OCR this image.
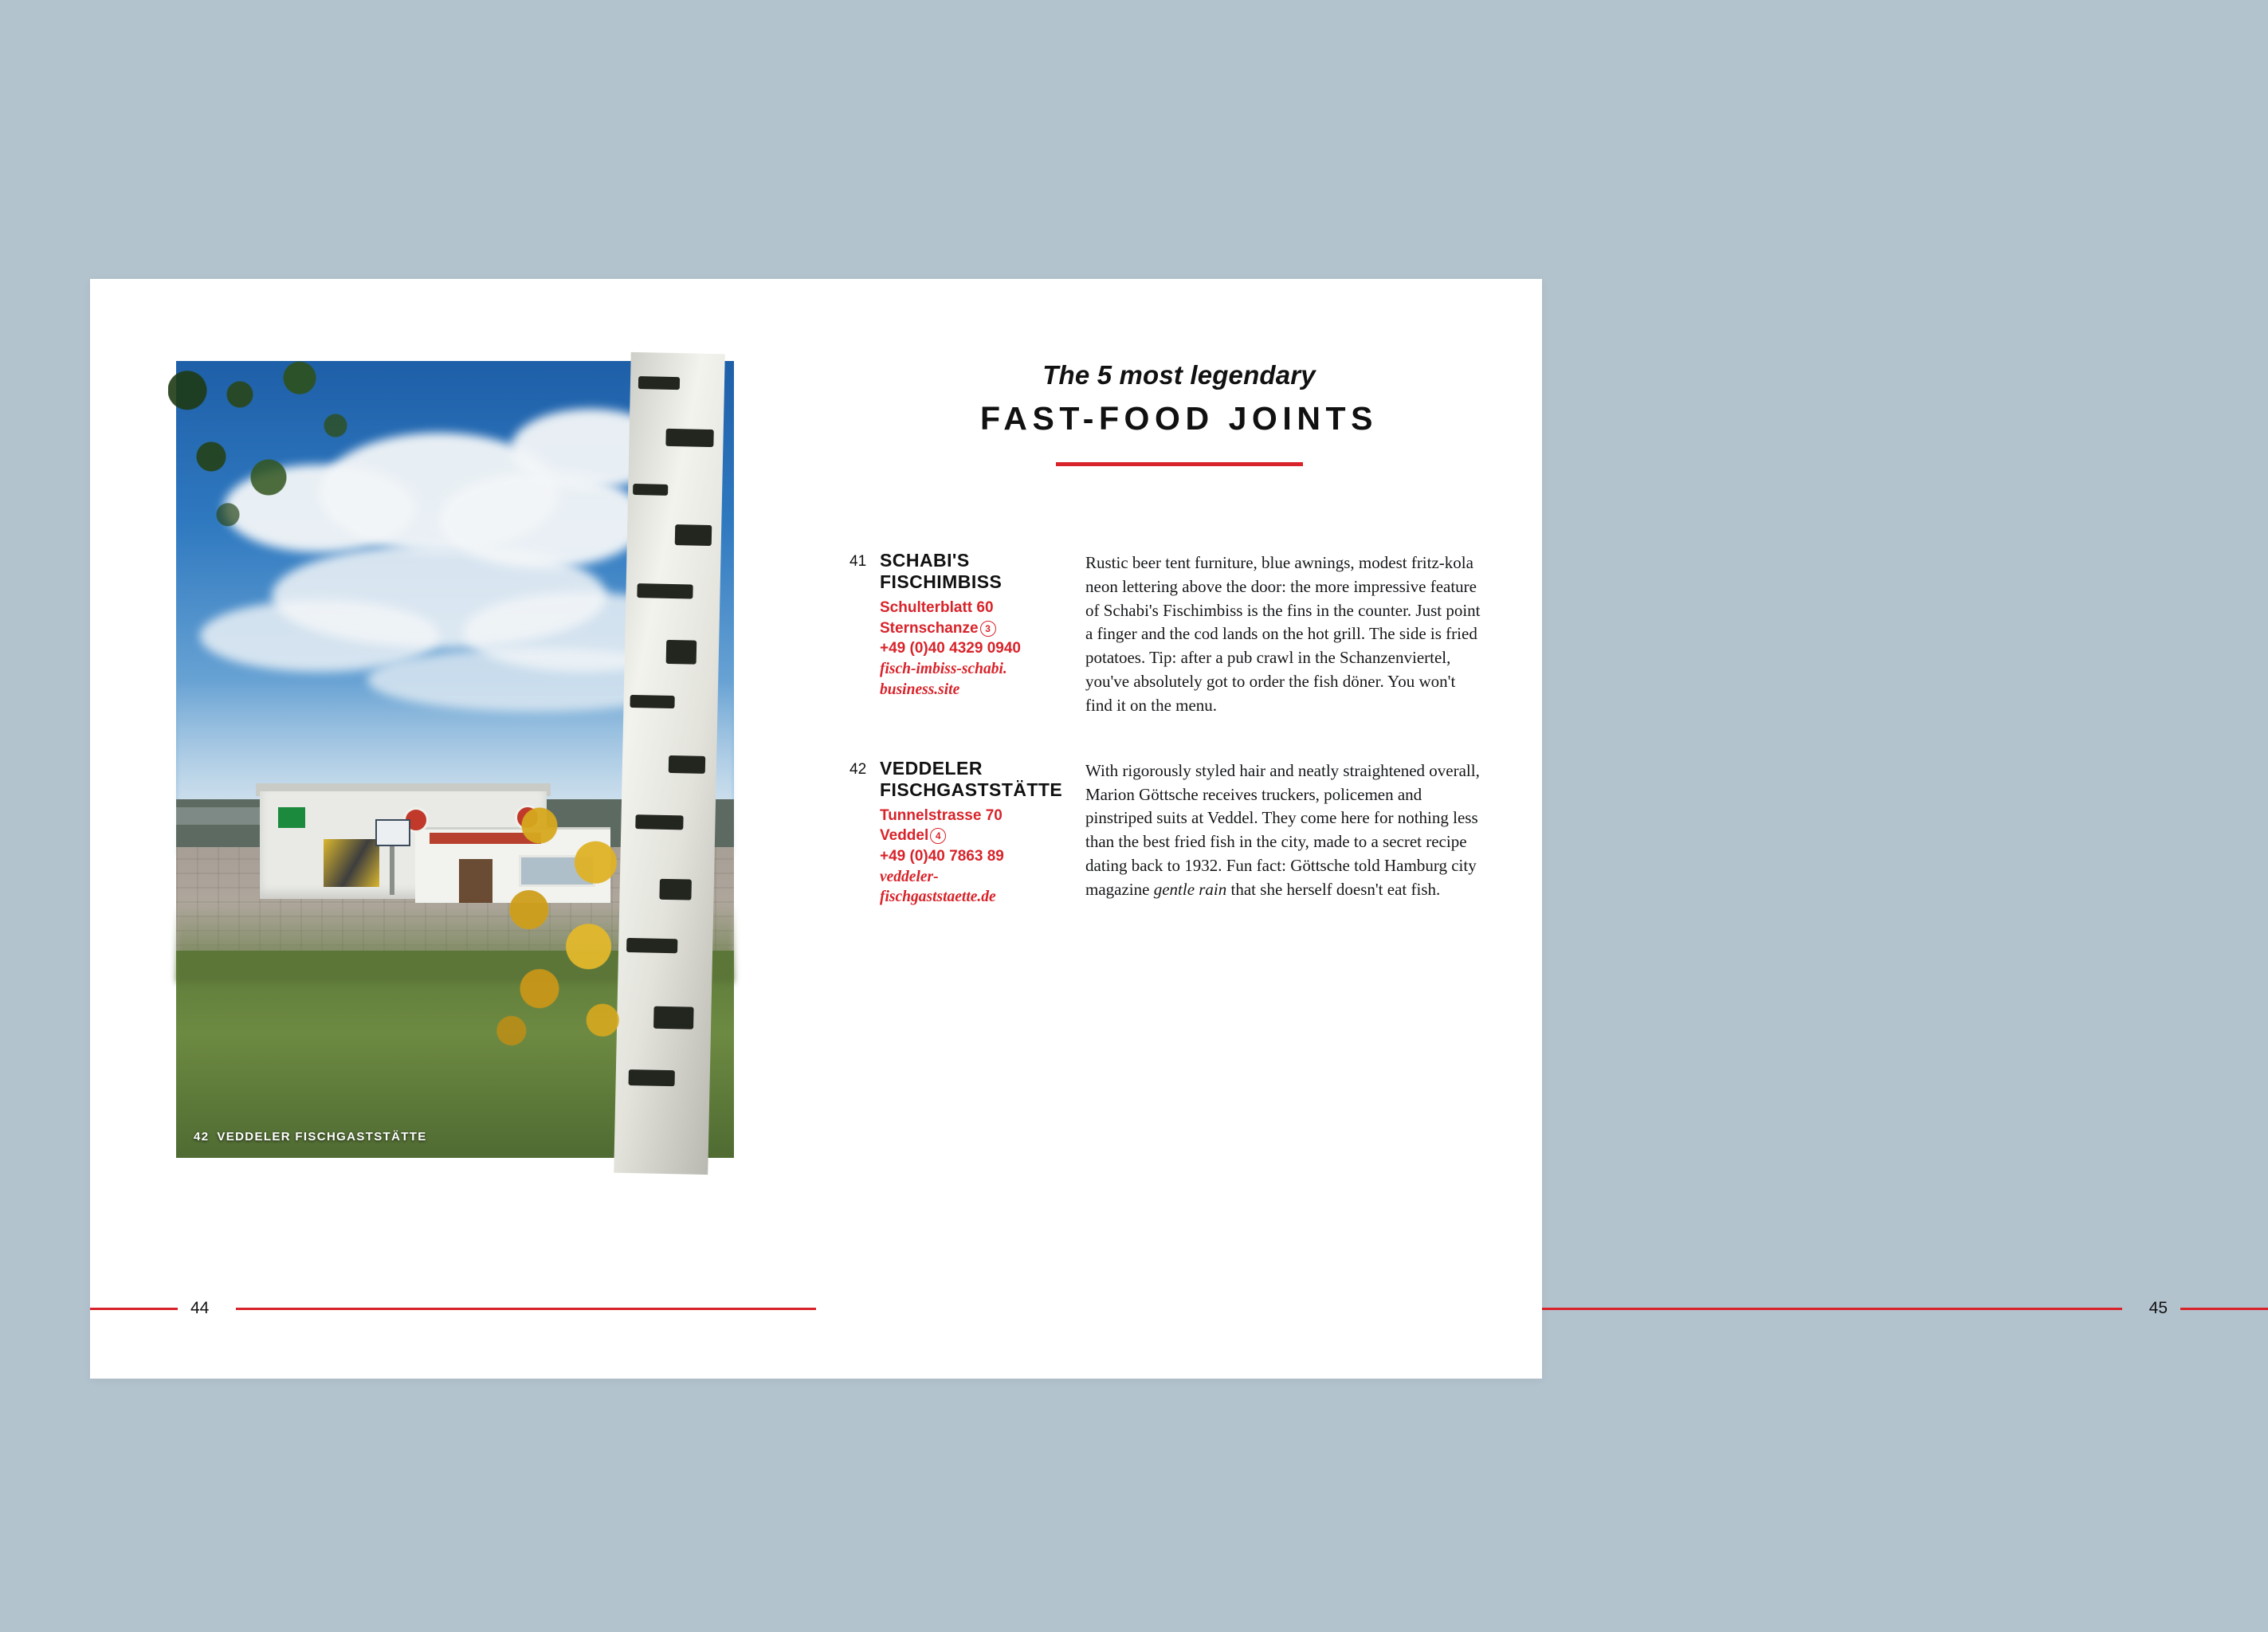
42 VEDDELER FISCHGASTSTÄTTE
44
The 5 most legendary
FAST-FOOD JOINTS
41 SCHABI'S FISCHIMBISS
Schulterblatt 60
Sternschanze 3
+49 (0)40 4329 0940
fisch-imbiss-schabi.
business.site
Rustic beer tent furniture, blue awnings, modest fritz-kola neon lettering above the door: the more impressive feature of Schabi's Fischimbiss is the fins in the counter. Just point a finger and the cod lands on the hot grill. The side is fried potatoes. Tip: after a pub crawl in the Schanzenviertel, you've absolutely got to order the fish döner. You won't find it on the menu.
42 VEDDELER FISCHGASTSTÄTTE
Tunnelstrasse 70
Veddel 4
+49 (0)40 7863 89
veddeler-
fischgaststaette.de
With rigorously styled hair and neatly straightened overall, Marion Göttsche receives truckers, policemen and pinstriped suits at Veddel. They come here for nothing less than the best fried fish in the city, made to a secret recipe dating back to 1932. Fun fact: Göttsche told Hamburg city magazine gentle rain that she herself doesn't eat fish.
45
